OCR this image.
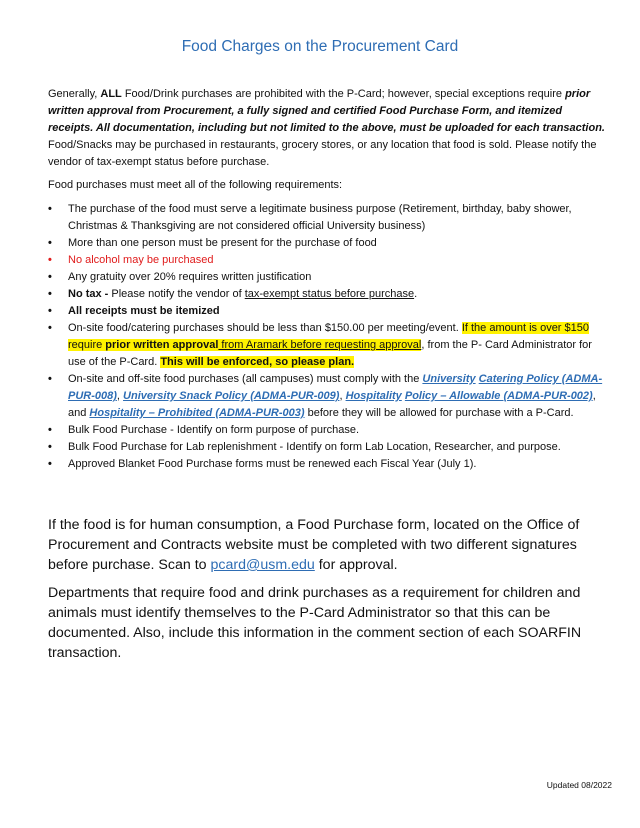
Food Charges on the Procurement Card
Generally, ALL Food/Drink purchases are prohibited with the P-Card; however, special exceptions require prior written approval from Procurement, a fully signed and certified Food Purchase Form, and itemized receipts. All documentation, including but not limited to the above, must be uploaded for each transaction. Food/Snacks may be purchased in restaurants, grocery stores, or any location that food is sold. Please notify the vendor of tax-exempt status before purchase.
Food purchases must meet all of the following requirements:
•	The purchase of the food must serve a legitimate business purpose (Retirement, birthday, baby shower, Christmas & Thanksgiving are not considered official University business)
•	More than one person must be present for the purchase of food
•	No alcohol may be purchased
•	Any gratuity over 20% requires written justification
•	No tax - Please notify the vendor of tax-exempt status before purchase.
•	All receipts must be itemized
•	On-site food/catering purchases should be less than $150.00 per meeting/event. If the amount is over $150 require prior written approval from Aramark before requesting approval, from the P- Card Administrator for use of the P-Card. This will be enforced, so please plan.
•	On-site and off-site food purchases (all campuses) must comply with the University Catering Policy (ADMA-PUR-008), University Snack Policy (ADMA-PUR-009), Hospitality Policy – Allowable (ADMA-PUR-002), and Hospitality – Prohibited (ADMA-PUR-003) before they will be allowed for purchase with a P-Card.
•	Bulk Food Purchase - Identify on form purpose of purchase.
•	Bulk Food Purchase for Lab replenishment - Identify on form Lab Location, Researcher, and purpose.
•	Approved Blanket Food Purchase forms must be renewed each Fiscal Year (July 1).
If the food is for human consumption, a Food Purchase form, located on the Office of Procurement and Contracts website must be completed with two different signatures before purchase. Scan to pcard@usm.edu for approval.
Departments that require food and drink purchases as a requirement for children and animals must identify themselves to the P-Card Administrator so that this can be documented. Also, include this information in the comment section of each SOARFIN transaction.
Updated 08/2022
